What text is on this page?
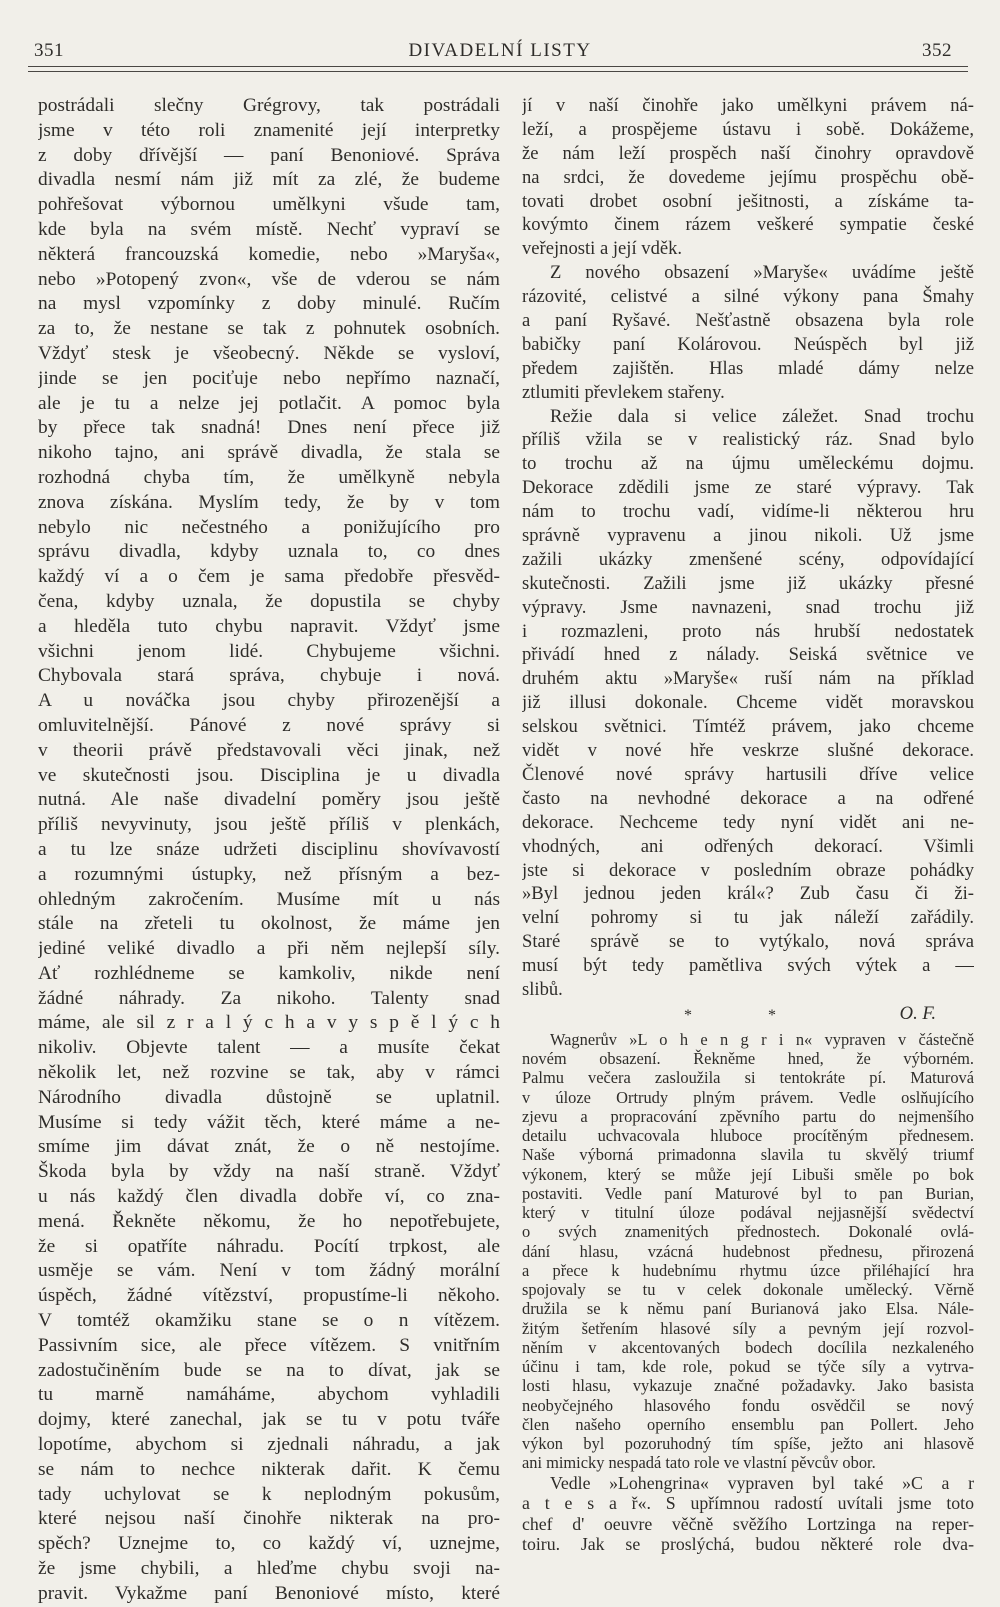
351	DIVADELNÍ LISTY	352
postrádali slečny Grégrovy, tak postrádali
jsme v této roli znamenité její interpretky
z doby dřívější — paní Benoniové. Správa
divadla nesmí nám již mít za zlé, že budeme
pohřešovat výbornou umělkyni všude tam,
kde byla na svém místě. Nechť vypraví se
některá francouzská komedie, nebo »Maryša«,
nebo »Potopený zvon«, vše de vderou se nám
na mysl vzpomínky z doby minulé. Ručím
za to, že nestane se tak z pohnutek osobních.
Vždyť stesk je všeobecný. Někde se vysloví,
jinde se jen pociťuje nebo nepřímo naznačí,
ale je tu a nelze jej potlačit. A pomoc byla
by přece tak snadná! Dnes není přece již
nikoho tajno, ani správě divadla, že stala se
rozhodná chyba tím, že umělkyně nebyla
znova získána. Myslím tedy, že by v tom
nebylo nic nečestného a ponižujícího pro
správu divadla, kdyby uznala to, co dnes
každý ví a o čem je sama předobře přesvěd-
čena, kdyby uznala, že dopustila se chyby
a hleděla tuto chybu napravit. Vždyť jsme
všichni jenom lidé. Chybujeme všichni.
Chybovala stará správa, chybuje i nová.
A u nováčka jsou chyby přirozenější a
omluvitelnější. Pánové z nové správy si
v theorii právě představovali věci jinak, než
ve skutečnosti jsou. Disciplina je u divadla
nutná. Ale naše divadelní poměry jsou ještě
příliš nevyvinuty, jsou ještě příliš v plenkách,
a tu lze snáze udržeti disciplinu shovívavostí
a rozumnými ústupky, než přísným a bez-
ohledným zakročením. Musíme mít u nás
stále na zřeteli tu okolnost, že máme jen
jediné veliké divadlo a při něm nejlepší síly.
Ať rozhlédneme se kamkoliv, nikde není
žádné náhrady. Za nikoho. Talenty snad
máme, ale sil z r a l ý c h a v y s p ě l ý c h
nikoliv. Objevte talent — a musíte čekat
několik let, než rozvine se tak, aby v rámci
Národního divadla důstojně se uplatnil.
Musíme si tedy vážit těch, které máme a ne-
smíme jim dávat znát, že o ně nestojíme.
Škoda byla by vždy na naší straně. Vždyť
u nás každý člen divadla dobře ví, co zna-
mená. Řekněte někomu, že ho nepotřebujete,
že si opatříte náhradu. Pocítí trpkost, ale
usměje se vám. Není v tom žádný morální
úspěch, žádné vítězství, propustíme-li někoho.
V tomtéž okamžiku stane se o n vítězem.
Passivním sice, ale přece vítězem. S vnitřním
zadostučiněním bude se na to dívat, jak se
tu marně namáháme, abychom vyhladili
dojmy, které zanechal, jak se tu v potu tváře
lopotíme, abychom si zjednali náhradu, a jak
se nám to nechce nikterak dařit. K čemu
tady uchylovat se k neplodným pokusům,
které nejsou naší činohře nikterak na pro-
spěch? Uznejme to, co každý ví, uznejme,
že jsme chybili, a hleďme chybu svoji na-
pravit. Vykažme paní Benoniové místo, které
jí v naší činohře jako umělkyni právem ná-
leží, a prospějeme ústavu i sobě. Dokážeme,
že nám leží prospěch naší činohry opravdově
na srdci, že dovedeme jejímu prospěchu obě-
tovati drobet osobní ješitnosti, a získáme ta-
kovýmto činem rázem veškeré sympatie české
veřejnosti a její vděk.
Z nového obsazení »Maryše« uvádíme ještě
rázovité, celistvé a silné výkony pana Šmahy
a paní Ryšavé. Nešťastně obsazena byla role
babičky paní Kolárovou. Neúspěch byl již
předem zajištěn. Hlas mladé dámy nelze
ztlumiti převlekem stařeny.
Režie dala si velice záležet. Snad trochu
příliš vžila se v realistický ráz. Snad bylo
to trochu až na újmu uměleckému dojmu.
Dekorace zdědili jsme ze staré výpravy. Tak
nám to trochu vadí, vidíme-li některou hru
správně vypravenu a jinou nikoli. Už jsme
zažili ukázky zmenšené scény, odpovídající
skutečnosti. Zažili jsme již ukázky přesné
výpravy. Jsme navnazeni, snad trochu již
i rozmazleni, proto nás hrubší nedostatek
přivádí hned z nálady. Seiská světnice ve
druhém aktu »Maryše« ruší nám na příklad
již illusi dokonale. Chceme vidět moravskou
selskou světnici. Tímtéž právem, jako chceme
vidět v nové hře veskrze slušné dekorace.
Členové nové správy hartusili dříve velice
často na nevhodné dekorace a na odřené
dekorace. Nechceme tedy nyní vidět ani ne-
vhodných, ani odřených dekorací. Všimli
jste si dekorace v posledním obraze pohádky
»Byl jednou jeden král«? Zub času či ži-
velní pohromy si tu jak náleží zařádily.
Staré správě se to vytýkalo, nová správa
musí být tedy pamětliva svých výtek a —
slibů.
O. F.
* *
Wagnerův »L o h e n g r i n« vypraven v částečně
novém obsazení. Řekněme hned, že výborném.
Palmu večera zasloužila si tentokráte pí. Maturová
v úloze Ortrudy plným právem. Vedle oslňujícího
zjevu a propracování zpěvního partu do nejmenšího
detailu uchvacovala hluboce procítěným přednesem.
Naše výborná primadonna slavila tu skvělý triumf
výkonem, který se může její Libuši směle po bok
postaviti. Vedle paní Maturové byl to pan Burian,
který v titulní úloze podával nejjasnější svědectví
o svých znamenitých přednostech. Dokonalé ovlá-
dání hlasu, vzácná hudebnost přednesu, přirozená
a přece k hudebnímu rhytmu úzce přiléhající hra
spojovaly se tu v celek dokonale umělecký. Věrně
družila se k němu paní Burianová jako Elsa. Nále-
žitým šetřením hlasové síly a pevným její rozvol-
něním v akcentovaných bodech docílila nezkaleného
účinu i tam, kde role, pokud se týče síly a vytrva-
losti hlasu, vykazuje značné požadavky. Jako basista
neobyčejného hlasového fondu osvědčil se nový
člen našeho operního ensemblu pan Pollert. Jeho
výkon byl pozoruhodný tím spíše, ježto ani hlasově
ani mimicky nespadá tato role ve vlastní pěvcův obor.
Vedle »Lohengrina« vypraven byl také »C a r
a t e s a ř«. S upřímnou radostí uvítali jsme toto
chef d' oeuvre věčně svěžího Lortzinga na reper-
toiru. Jak se proslýchá, budou některé role dva-
